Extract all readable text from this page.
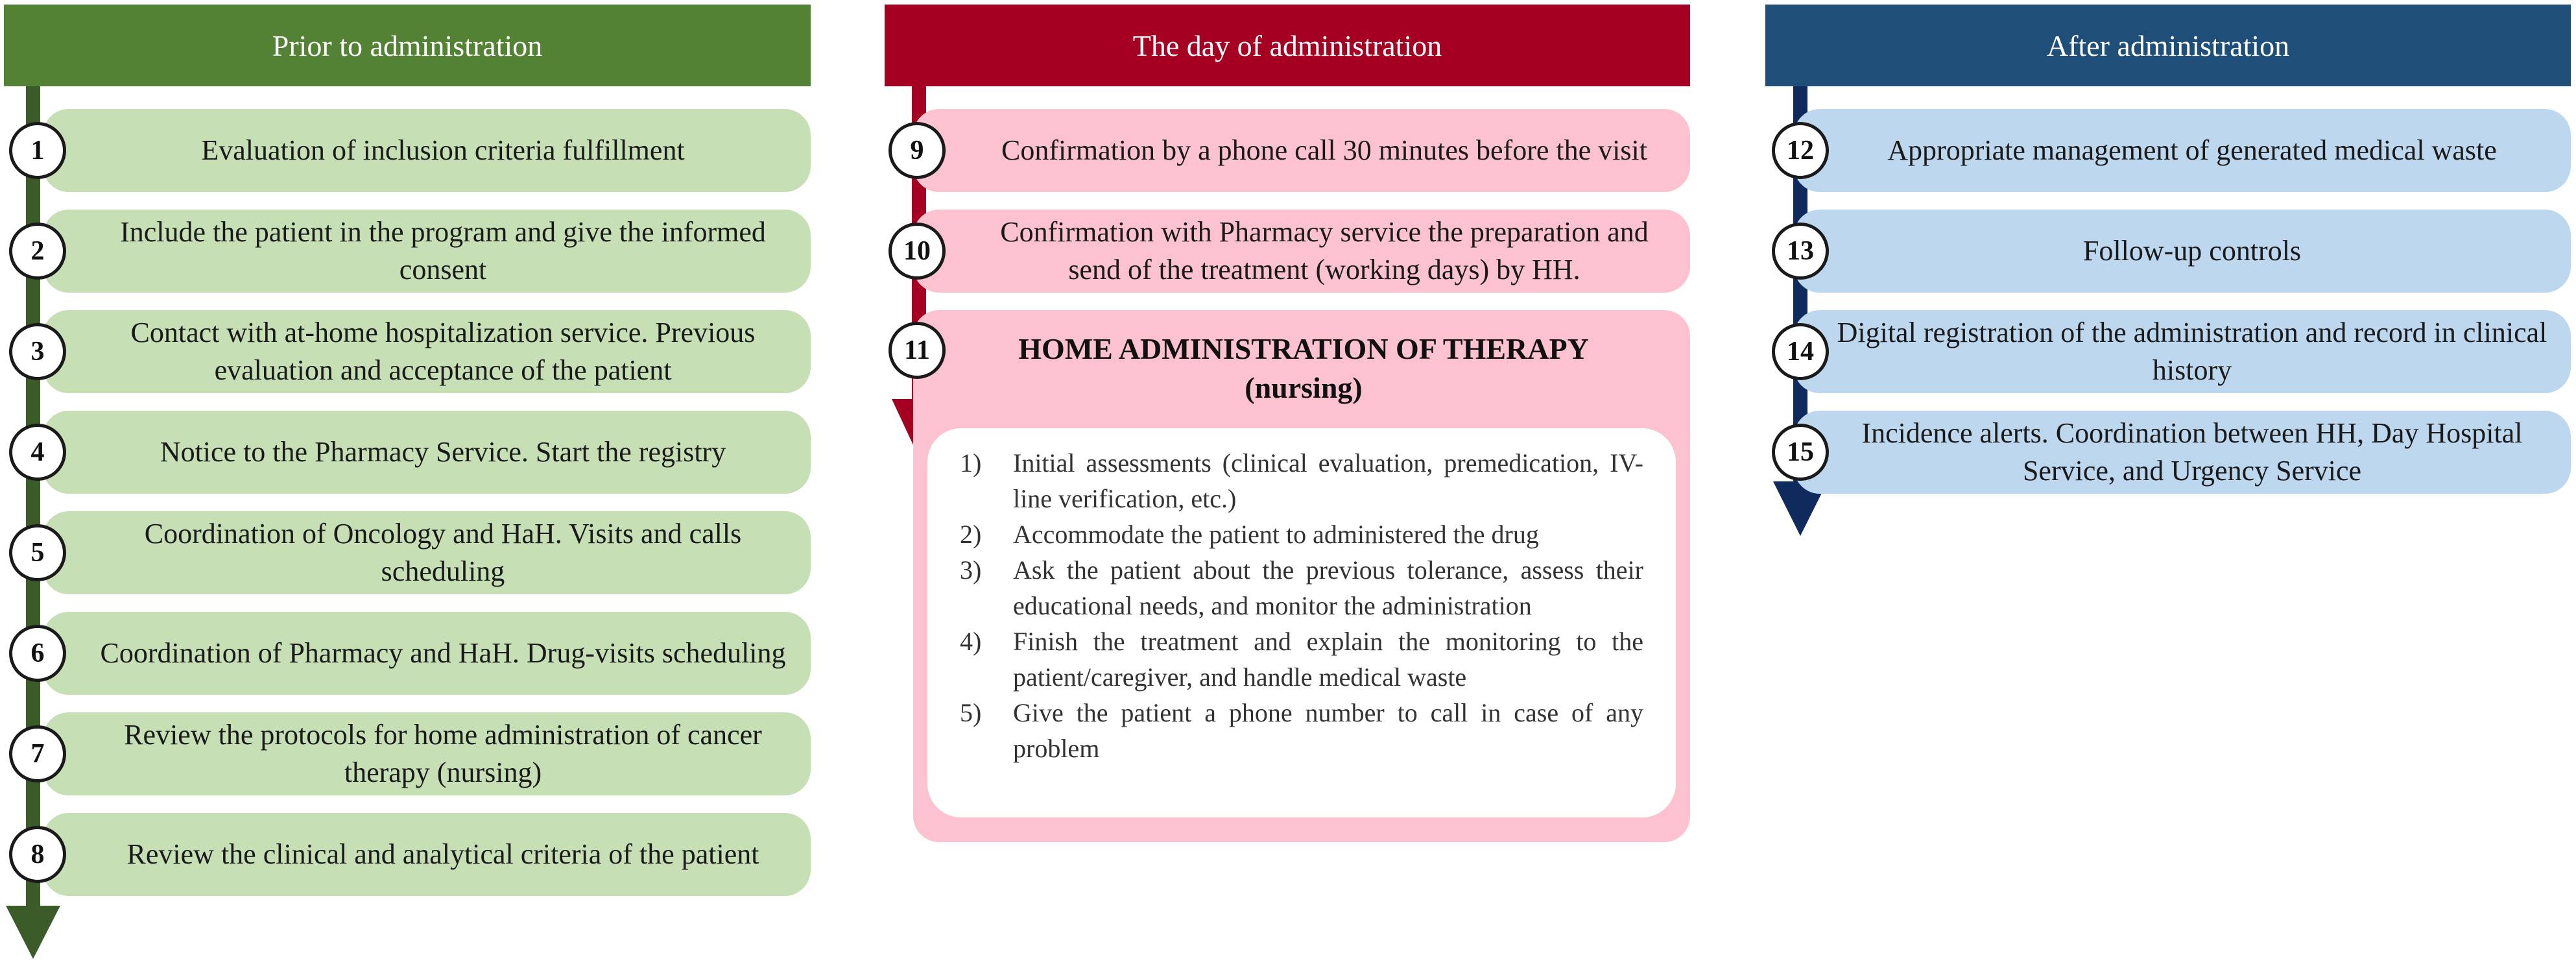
Prior to administration
Evaluation of inclusion criteria fulfillment
1
Include the patient in the program and give the informed consent
2
Contact with at-home hospitalization service. Previous evaluation and acceptance of the patient
3
Notice to the Pharmacy Service. Start the registry
4
Coordination of Oncology and HaH. Visits and calls scheduling
5
Coordination of Pharmacy and HaH. Drug-visits scheduling
6
Review the protocols for home administration of cancer therapy (nursing)
7
Review the clinical and analytical criteria of the patient
8
The day of administration
Confirmation by a phone call 30 minutes before the visit
9
Confirmation with Pharmacy service the preparation and send of the treatment (working days) by HH.
10
11	HOME ADMINISTRATION OF THERAPY
(nursing)
1)	Initial assessments (clinical evaluation, premedication, IV-line verification, etc.)
2)	Accommodate the patient to administered the drug
3)	Ask the patient about the previous tolerance, assess their educational needs, and monitor the administration
4)	Finish the treatment and explain the monitoring to the patient/caregiver, and handle medical waste
5)	Give the patient a phone number to call in case of any problem
After administration
Appropriate management of generated medical waste
12
Follow-up controls
13
Digital registration of the administration and record in clinical history
14
Incidence alerts. Coordination between HH, Day Hospital Service, and Urgency Service
15
